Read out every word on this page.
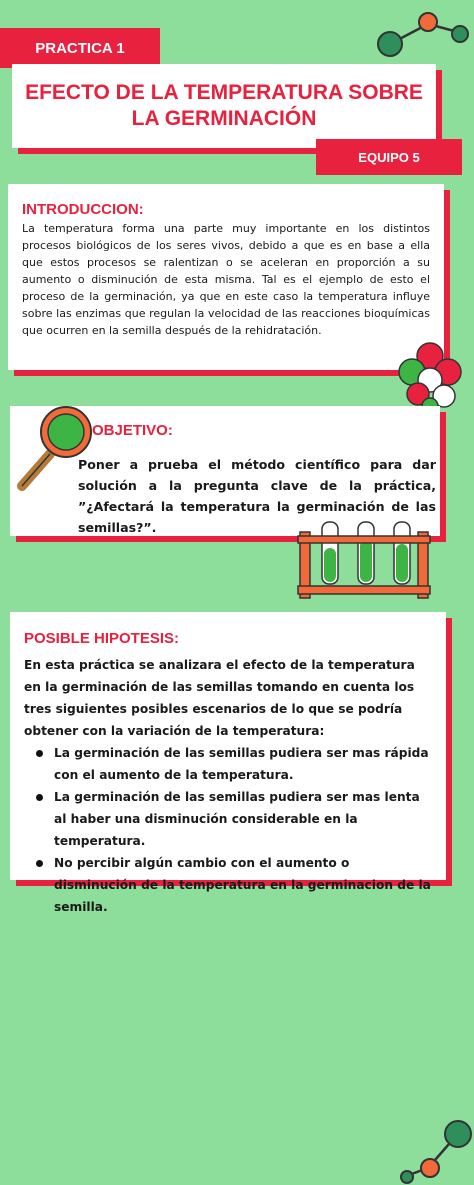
PRACTICA 1
EFECTO DE LA TEMPERATURA SOBRE
LA GERMINACIÓN
EQUIPO 5
INTRODUCCION:
La temperatura forma una parte muy importante en los distintos procesos biológicos de los seres vivos, debido a que es en base a ella que estos procesos se ralentizan o se aceleran en proporción a su aumento o disminución de esta misma. Tal es el ejemplo de esto el proceso de la germinación, ya que en este caso la temperatura influye sobre las enzimas que regulan la velocidad de las reacciones bioquímicas que ocurren en la semilla después de la rehidratación.
OBJETIVO:
Poner a prueba el método científico para dar solución a la pregunta clave de la práctica, ”¿Afectará la temperatura la germinación de las semillas?”.
POSIBLE HIPOTESIS:
En esta práctica se analizara el efecto de la temperatura en la germinación de las semillas tomando en cuenta los tres siguientes posibles escenarios de lo que se podría obtener con la variación de la temperatura:
La germinación de las semillas pudiera ser mas rápida con el aumento de la temperatura.
La germinación de las semillas pudiera ser mas lenta al haber una disminución considerable en la temperatura.
No percibir algún cambio con el aumento o disminución de la temperatura en la germinacion de la semilla.
